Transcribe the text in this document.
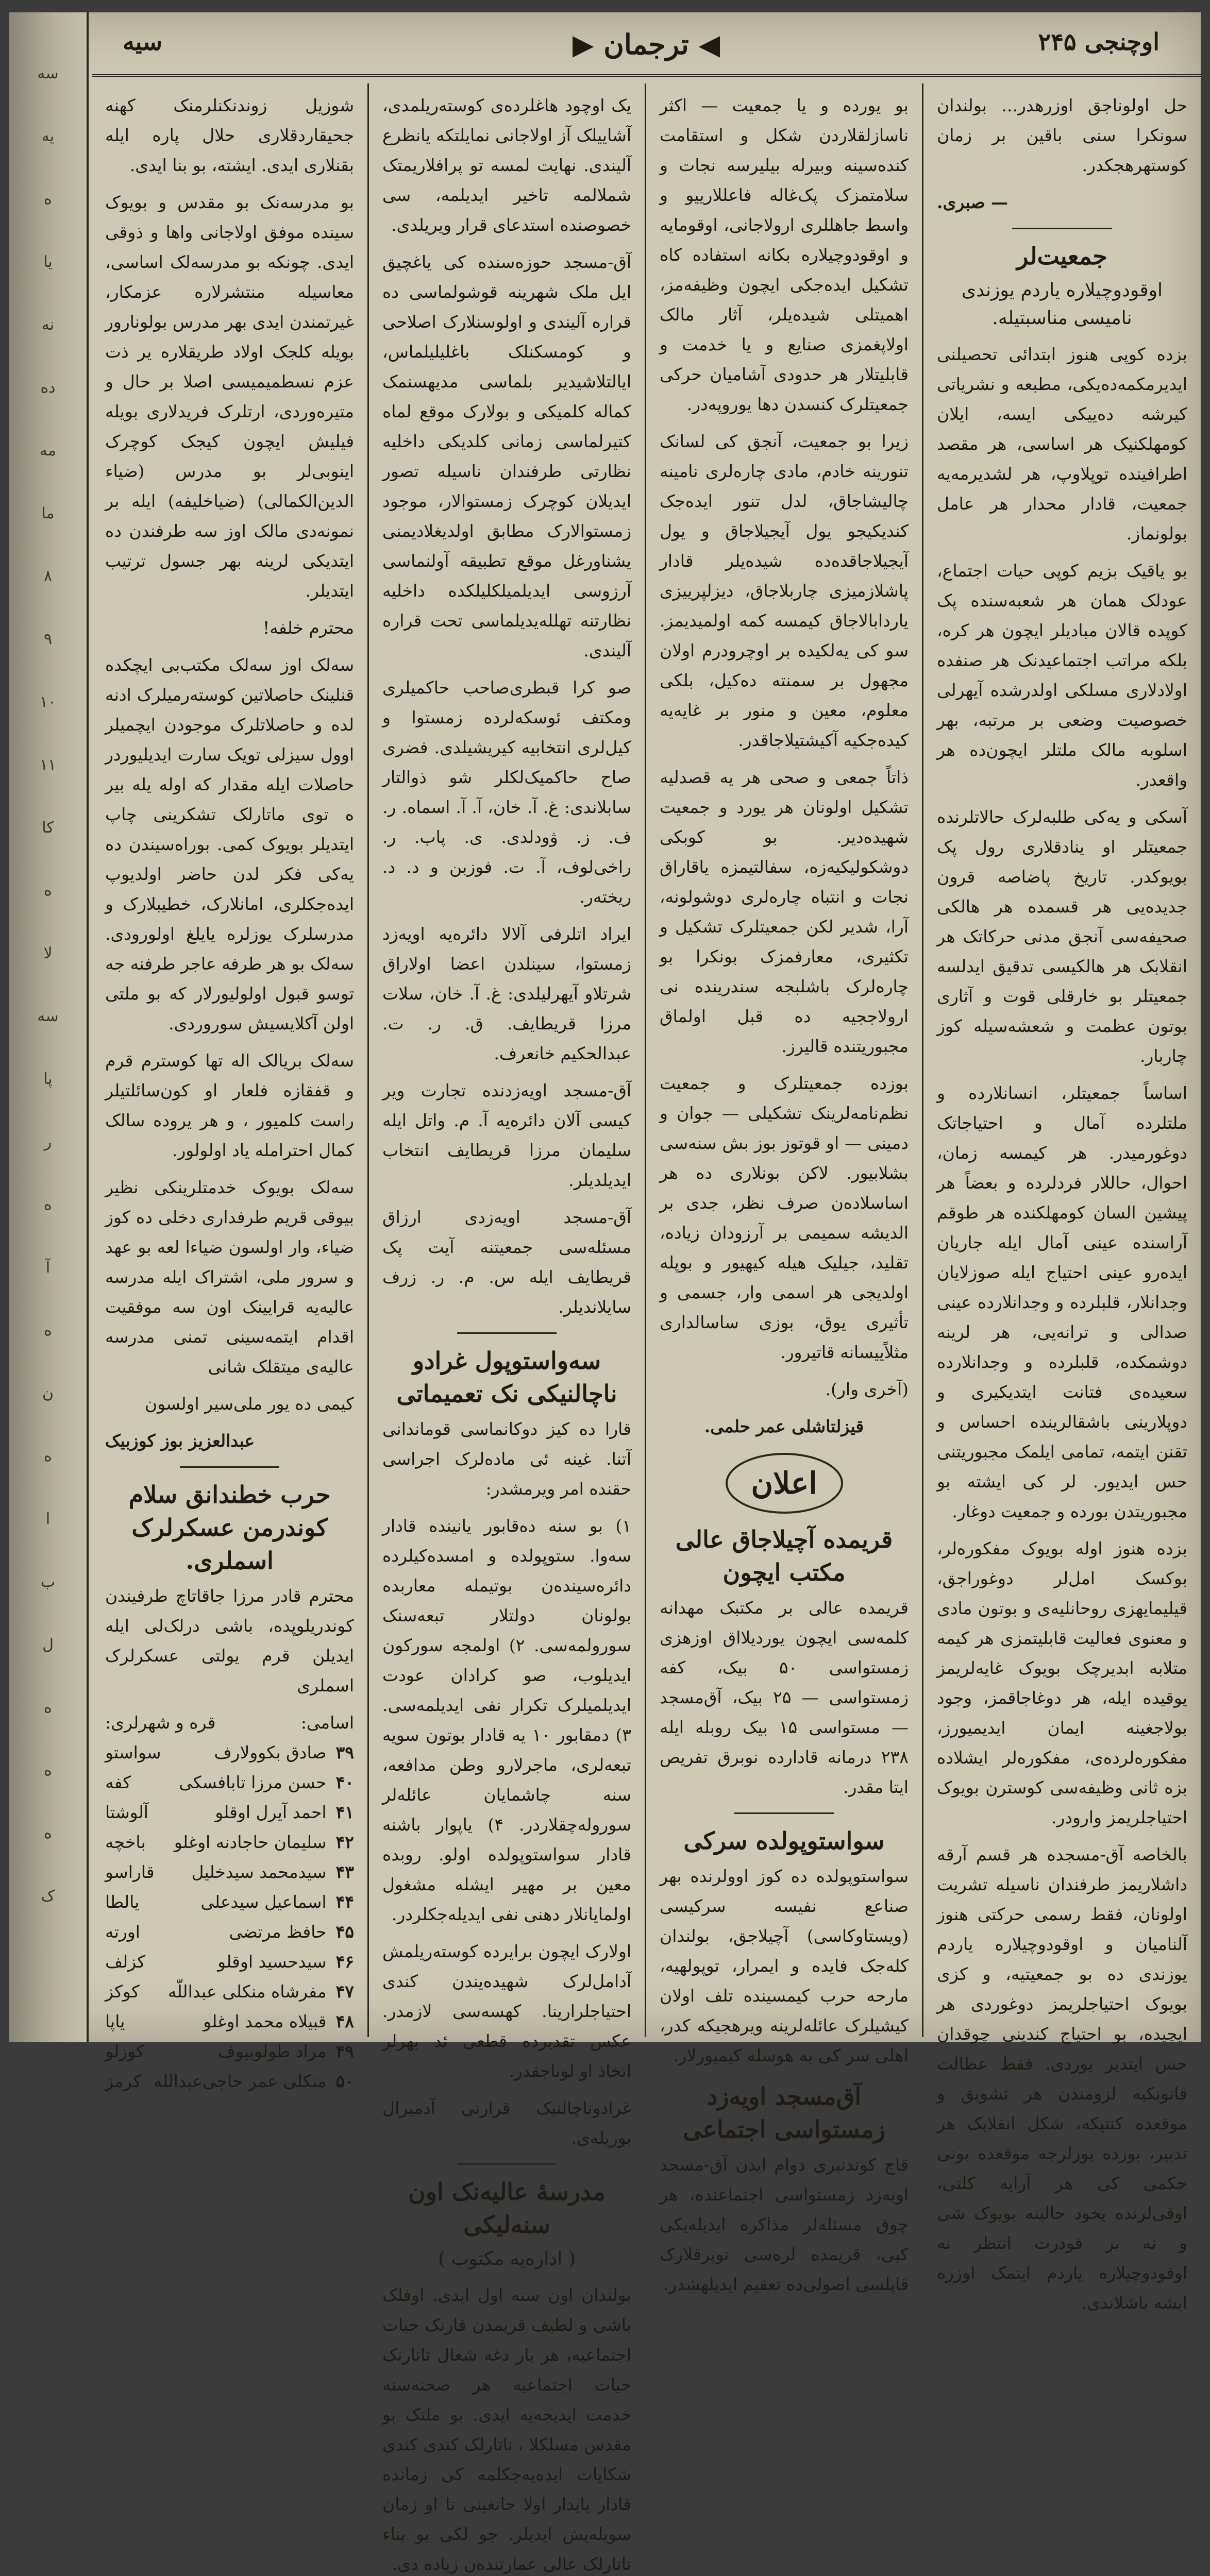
سه
یه
ه
یا
نه
ده
مه
ما
۸
۹
۱۰
۱۱
کا
ه
لا
سه
پا
ر
ه
آ
ه
ن
ه
ا
ب
ل
ه
ه
ه
ک
اوچنجی ۲۴۵
◀ ترجمان ▶
سيه

شوزیل زوندنکنلرمنک کهنه جحیقاردقلاری حلال پاره ایله بقنلاری ایدی. ایشته، بو بنا ایدی.

بو مدرسه‌نک بو مقدس و بویوک سینده موفق اولاجانی واها و ذوقی ایدی. چونکه بو مدرسه‌لک اساسی، معاسیله منتشرلاره عزمکار، غیرتمندن ایدی بهر مدرس بولونارور بویله کلجک اولاد طریقلاره یر ذت عزم نسطمیمیسی اصلا بر حال و متیره‌وردی، ارتلرک فریدلاری بویله فیلیش ایچون کیجک کوچرک اینوبی‌لر بو مدرس (ضیاء الدین‌الکمالی) (ضیاخلیفه) ایله بر نمونه‌دی مالک اوز سه طرفندن ده ایتدیکی لرینه بهر جسول ترتیب ایتدیلر.

محترم خلفه!

سه‌لک اوز سه‌لک مکتب‌بی ایچکده قنلینک حاصلاتین کوسته‌رمیلرک ادنه لده و حاصلاتلرک موجودن ایچمیلر اوول سیزلی تویک سارت ایدیلیوردر حاصلات ایله مقدار که اوله یله بیر ه توی ماتارلک تشکرینی چاپ ایتدیلر بویوک کمی. بوراه‌سیندن ده یه‌کی فکر لدن حاضر اولدیوپ ایده‌جکلری، امانلارک، خطیبلارک و مدرسلرک یوزلره یایلغ اولورودی. سه‌لک بو هر طرفه عاجر طرفنه جه توسو قبول اولولیورلار که بو ملتی اولن آکلایسیش سوروردی.

سه‌لک بریالک اله تها کوسترم قرم و قفقازه فلعار او کون‌سائلتیلر راست کلمیور ، و هر یروده سالک کمال احترامله یاد اولولور.

سه‌لک بویوک خدمتلرینکی نظیر بیوقی قریم طرفداری دخلی ده کوز ضیاء‌، وار اولسون ضیاءا لعه بو عهد و سرور ملی، اشتراک ایله مدرسه عالیه‌یه قرایینک اون سه موفقیت اقدام ایتمه‌سینی تمنی مدرسه عالیه‌ی میتقلک شانی

کیمی ده یور ملی‌سیر اولسون

عبدالعزیز بوز کوزبیک
حرب خطندانق سلام کوندرمن عسکر‌لرک اسملری.

محترم قادر مرزا جاقاتاچ طرفیندن کوندر‌یلوپده، باشی درلک‌لی ایله ایدیلن قرم یولتی عسکر‌لرک اسملری

اسامی:
قره و شهرلری:
۳۹صادق بکوولارف
سواستو
۴۰حسن مرزا تابافسکی
کفه
۴۱احمد آیرل اوقلو
آلوشتا
۴۲سلیمان حاجادنه اوغلو
باخچه
۴۳سید‌محمد سید‌خلیل
قاراسو
۴۴اسماعیل سیدعلی
یالطا
۴۵حافظ مرتضی
اورته
۴۶سید‌حسید اوقلو
کزلف
۴۷مفرشاه منکلی عبداللّه
کوکز
۴۸قبیلاه محمد اوغلو
یاپا
۴۹مراد طولوبیوف
کوزلو
۵۰منکلی عمر حاجی‌عبدالله
کرمز

یک اوچود هاغلرده‌ی کوسته‌ریلمدی، آشا‌ییلک آز اولاجانی نمایلتکه یانظرع آلیندی. نهایت لمسه تو پرافلاریمتک شملالمه تاخیر ایدیلمه، سی خصوصنده استدعا‌ی قرار ویریلدی.

آق-مسجد حوزه‌سنده کی یاغچیق ایل ملک شهرینه قوشولماسی ده قراره آلیندی و اولوسنلارک اصلاحی و کومسکنلک باغلیلیلماس، ایالتلاشیدیر بلماسی مدیهسنمک کماله کلمیکی و بولارک موقع لماه کتیرلماسی زمانی کلدیکی داخلیه نظارتی طرفندان ناسیله تصور ایدیلان کوچرک زمستوالار، موجود زمستوالارک مطابق اولدیغلادیمنی یشناورغل موقع تطبیقه آولنماسی آرزوسی ایدیلمیلکلیلکده داخلیه نظارتنه تهلله‌یدیلماسی تحت قراره آلیندی.

صو کرا قبطری‌صاحب حاکمیلری ومکتف ئوسکه‌لرده زمستوا و کیل‌لری انتخابیه کیریشیلدی. فضری صاح حاکمیک‌لکلر شو ذوالتار سابلاندی: غ. آ. خان، آ. آ. اسماه. ر. ف. ز. ۋودلدى. ی. پاب. ر. راخی‌لوف، آ. ت. فوزبن و د. د. ریخته‌ر.

ایراد اتلرفی آلالا دائره‌یه اویه‌زد زمستوا، سینلدن اعضا اولاراق شرتلاو آیهرلیلدی: غ. آ. خان، سلات مرزا قریطایف. ق. ر. ت. عبدالحکیم خانعرف.

آق-مسجد اویه‌زدنده تجارت ویر کیسی آلان دائره‌یه آ. م. واتل ایله سلیمان مرزا قریطایف انتخاب ایدیلدیلر.

آق-مسجد اویه‌زدی ارزاق مسئله‌سی جمعیتنه آیت پک قریطایف ایله س. م. ر. زرف سایلاندیلر.

سه‌واستوپول غرادو ناچالنیکی نک تعمیماتی

قارا ده کیز دوکانماسی قوماندانی آتنا. غینه ئی ماده‌لرک اجراسی حقنده امر ویرمشدر:

۱) بو سنه ده‌قابور یانینده قادار سه‌وا. ستوپولده و امسده‌کیلرده دائره‌سینده‌ن بوتیمله معاربده بولونان دولتلار تبعه‌سنک سورولمه‌سی. ۲) اولمجه سورکون ایدیلوب، صو کرادان عودت ایدیلمیلرک تکرار نفی ایدیلمه‌سی. ۳) دمقابور ۱۰ یه قادار بوتون سویه تبعه‌لری، ماجرلارو وطن مدافعه، سنه چاشمایان عائله‌لر سوروله‌چقلاردر. ۴) یاپوار باشنه قادار سواستوپولده اولو. روبده معین بر مهیر ایشله مشغول اولمایانلار دهنی نفی ایدیله‌جکلردر.

اولارک ایچون برایرده کوسته‌ریلمش آدامل‌لرک شهیده‌یندن کندی احتیاجلرارینا. کهسه‌سی لازمدر. عکس تقدیرده قطعی ئد بهرلر اتخاذ او لونا‌جقدر.

غرادونا‌چالنیک قرارنی آدمیرال بوریله‌ی.

مدرسهٔ عالیه‌نک اون سنه‌لیکی
( اداره‌یه مکتوب )

بولندان اون سنه اول ایدی. اوفلک باشی و لطیف قریمدن قارنک حیات اجتماعیه، هر بار دغه شعال تاتارنک حیات اجتماعیه هر صحنه‌سنه خدمت ایدیجه‌یه ایدی. بو ملتک بو مقدس مسلکلا ، تاتارلک کندی کندی شکایات ایده‌یه‌جکلمه کی زمانده قادار یایدار اولا جانغینی تا او زمان سویله‌یش ایدیلر. جو لکی بو بناء تاتارلک عالی عمارتنده‌ن زیاده دی.

بو یورده و یا جمعیت — اکثر ناسازلقلاردن شکل و استقامت کنده‌سینه وبیرله بیلیرسه نجات و سلامتمزک پک‌غاله فاعللارییو و واسط جاهللری ارولاجانی، اوقومایه و اوقودوچیلاره بکانه استفاده کاه تشکیل ایده‌جکی ایچون وظیفه‌مز، اهمیتلی شیده‌یلر، آثار مالک اولاپغمزی صنایع و یا خدمت و قابلیتلار هر حدودی آشامیان حرکی جمعیتلرک کنسدن دها یوروپه‌در.

زیرا بو جمعیت، آنجق کی لسانک تنورینه خادم، مادی چاره‌لری نامینه چالیشاجاق، لدل تنور ایده‌جک کندیکیجو یول آیجیلاجاق و یول آیجیلاجاقده‌ده شیده‌یلر قادار پاشلازمیزی چاربلاجاق، دیزلپرییزی یاردابالاجاق کیمسه کمه اولمیدیمز. سو کی یه‌لکیده بر اوچرودرم اولان مجهول بر سمنته ده‌کیل، بلکی معلوم، معین و منور بر غایه‌یه کیده‌جکیه آکیشتیلاجاقدر.

ذاتاً جمعی و صحی هر یه قصدلیه تشکیل اولونان هر یورد و جمعیت شهیده‌دیر. بو کوبکی دوشکولیکیه‌زه، سفالتیمزه یاقاراق نجات و انتباه چاره‌لری دوشولونه، آرا، شدیر لکن جمعیتلرک تشکیل و تکثیری، معارفمزک بونکرا بو چاره‌لرک باشلبجه سندرینده نی ارولاججیه ده قبل اولماق مجبوریتنده قالیرز.

بوزده جمعیتلرک و جمعیت نظم‌نامه‌لرینک تشکیلی — جوان و دمینی — او قوتوز بوز بش سنه‌سی بشلابیور. لاکن بونلاری ده هر اساسلاده‌ن صرف نظر، جدی بر الدیشه سمیمی بر آرزودان زیاده، تقلید، جیلیک هیله کیهیور و بوپله اولدیجی هر اسمی وار، جسمی و تأثیری یوق، بوزی ساسالداری مثلاً‌ییسانه قاتیرور.

(آخری وار).

قیزلتاشلی عمر حلمی.
اعلان
قریمده آچیلاجاق عالی مکتب ایچون

قریمده عالی بر مکتبک مهدانه کلمه‌سی ایچون یوردیلااق اوزهزی زمستواسی ۵۰ بیک، کفه زمستواسی — ۲۵ بیک، آق‌مسجد — مستواسی ۱۵ بیک روبله ایله ۲۳۸ درمانه قادارده نوبرق تفریص ایتا مقدر.

سواستوپولده سرکی

سواستوپولده ده کوز اوولرنده بهر صناعع نفیسه سرکیسی (ویستاوکاسی) آچیلاجق، بولندان کله‌جک فایده و ایمرار، توپولهیه، مارحه حرب کیمسینده تلف اولان کیشیلرک عائله‌لرینه ویرهجیکه کدر، اهلی سر کی به هوسله کیمیورلار.

آق‌مسجد اویه‌زد زمستواسی اجتماعی

قاچ کوندنبری دوام ایدن آق-مسجد اویه‌زد زمستواسی اجتماعنده، هر چوق مسئله‌لر مذاکره ایدیله‌یکی کبی، قریمده لره‌سی توپرقلارک قاپلسی اصولی‌ده تعقیم ایدیلهشدر.

حل اولوناجق اوزرهدر... بولندان سونکرا سنی باقین بر زمان کوستهرهجکدر.

— صبری.
جمعیت‌لر
اوقودوچیلاره یاردم یوزندی نامیسی مناسبتیله.

بزده کوپی هنوز ابتدائی تحصیلنی ایدیرمکمه‌ده‌یکی، مطبعه و نشریاتی کیرشه ده‌ییکی ایسه، ایلان کومهلکنیک هر اساسی، هر مقصد اطرافینده توپلاوپ، هر لشدیرمه‌یه جمعیت، قادار محدار هر عامل بولونماز.

بو یاقیک بزیم کوپی حیات اجتماع، عودلک همان هر شعبه‌سنده پک کوپده قالان مبادیلر ایچون هر کره، بلکه مراتب اجتماعیدنک هر صنفده اولادلاری مسلکی اولدرشده آیهرلی خصوصیت وضعی بر مرتبه، بهر اسلوبه مالک ملتلر ایچون‌ده هر واقعدر.

آسکی و یه‌کی طلبه‌لرک حالاتلرنده جمعیتلر او ینادقلاری رول پک بویوکدر. تاریخ پاضاصه قرون جدیده‌یی هر قسمده هر هالکی صحیفه‌سی آنجق مدنی حرکاتک هر انقلابک هر هالکیسی تدقیق ایدلسه جمعیتلر بو خارقلی قوت و آثاری بوتون عظمت و شعشه‌سیله کوز چاربار.

اساساً جمعیتلر، انسانلارده و ملتلرده آمال و احتیاجاتک دوغورمیدر. هر کیمسه زمان، احوال، حاللار فردلرده و بعضاً هر پیشین السان کومهلکنده هر طوقم آراسنده عینی آمال ایله جاریان ایده‌رو عینی احتیاج ایله صوزلایان وجدانلار، قلبلرده و وجدانلارده عینی صدالی و ترانه‌یی، هر لرینه دوشمکده، قلبلرده و وجدانلارده سعیده‌ی فتانت ایتدیکیری و دوپلارینی باشقالرینده احساس و تقنن ایتمه، تمامی ایلمک مجبوریتنی حس ایدیور. لر کی ایشته بو مجبوریتدن بورده و جمعیت دوغار.

بزده هنوز اوله بویوک مفکوره‌لر، بوکسک امل‌لر دوغوراجق، قیلیمایهزی روحانلیه‌ی و بوتون مادی و معنوی فعالیت قابلیتمزی هر کیمه متلابه ابدیرچک بویوک غایه‌لریمز یوقیده ایله، هر دوغاجاقمز، وجود بولاجغینه ایمان ایدیمیورز، مفکوره‌لر‌ده‌ی، مفکوره‌لر ایشلاده بزه ثانی وظیفه‌سی کوسترن بویوک احتیاجلریمز وارودر.

بالخاصه آق-مسجده هر قسم آرقه داشلاریمز طرفندان ناسیله تشریت اولونان، فقط رسمی حرکتی هنوز آلنامیان و اوقودوچیلاره یاردم یوزندی ده بو جمعیتیه، و کزی بویوک احتیاجلریمز دوغوردی هر ایچیده، بو احتیاج کندینی چوقدان حس ایتدیر یوردی. فقط عطالت قانونکیه لزومندن هر تشویق و موقعده کنتیکه، شکل انقلابک هر تدبیر، بوزده یوزلرجه موقعده بونی حکمی کی هر آرایه کلتی، اوقی‌لرنده ‌یخود حالینه بویوک شی و نه بر قودرت انتظر نه اوقودوچیلاره یاردم ایتمک اوزره ایشه باشلاندی.
